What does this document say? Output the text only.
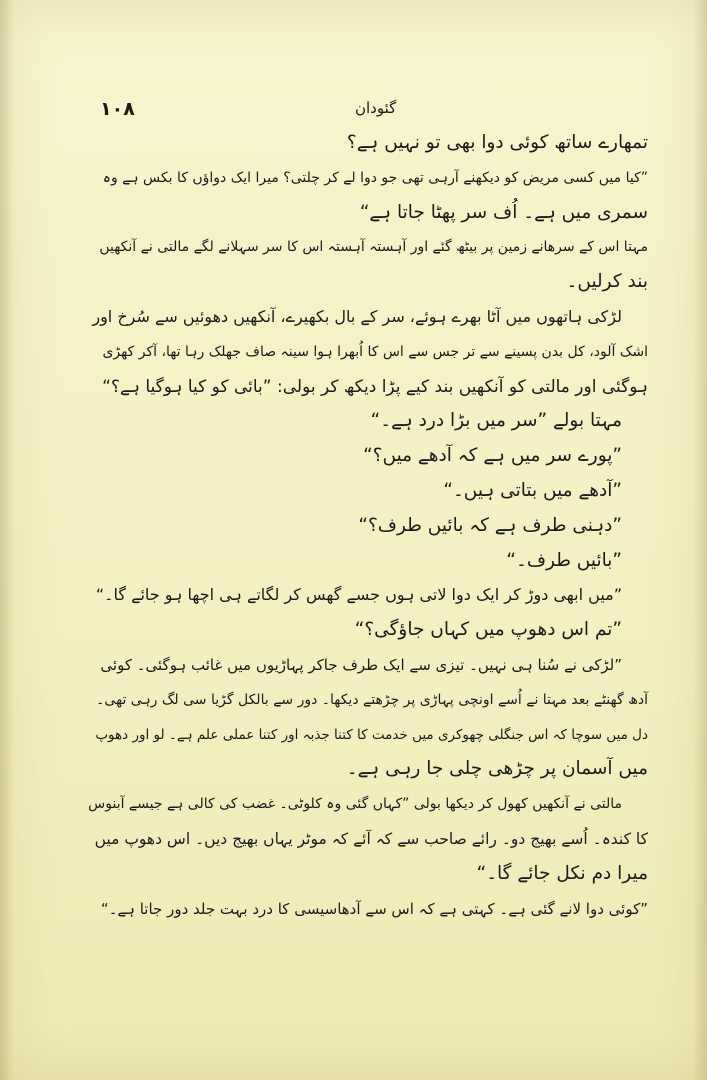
۱۰۸	گئودان
تمھارے ساتھ کوئی دوا بھی تو نہیں ہے؟
”کیا میں کسی مریض کو دیکھنے آرہی تھی جو دوا لے کر چلتی؟ میرا ایک دواؤں کا بکس ہے وہ
سمری میں ہے۔ اُف سر پھٹا جاتا ہے“
مہتا اس کے سرھانے زمین پر بیٹھ گئے اور آہستہ آہستہ اس کا سر سہلانے لگے مالتی نے آنکھیں
بند کرلیں۔
لڑکی ہاتھوں میں آٹا بھرے ہوئے، سر کے بال بکھیرے، آنکھیں دھوئیں سے سُرخ اور
اشک آلود، کل بدن پسینے سے تر جس سے اس کا اُبھرا ہوا سینہ صاف جھلک رہا تھا، آکر کھڑی
ہوگئی اور مالتی کو آنکھیں بند کیے پڑا دیکھ کر بولی: ”بائی کو کیا ہوگیا ہے؟“
مہتا بولے ”سر میں بڑا درد ہے۔“
”پورے سر میں ہے کہ آدھے میں؟“
”آدھے میں بتاتی ہیں۔“
”دہنی طرف ہے کہ بائیں طرف؟“
”بائیں طرف۔“
”میں ابھی دوڑ کر ایک دوا لاتی ہوں جسے گھس کر لگاتے ہی اچھا ہو جائے گا۔“
”تم اس دھوپ میں کہاں جاؤگی؟“
”لڑکی نے سُنا ہی نہیں۔ تیزی سے ایک طرف جاکر پہاڑیوں میں غائب ہوگئی۔ کوئی
آدھ گھنٹے بعد مہتا نے اُسے اونچی پہاڑی پر چڑھتے دیکھا۔ دور سے بالکل گڑیا سی لگ رہی تھی۔
دل میں سوچا کہ اس جنگلی چھوکری میں خدمت کا کتنا جذبہ اور کتنا عملی علم ہے۔ لو اور دھوپ
میں آسمان پر چڑھی چلی جا رہی ہے۔
مالتی نے آنکھیں کھول کر دیکھا بولی ”کہاں گئی وہ کلوٹی۔ غضب کی کالی ہے جیسے آبنوس
کا کندہ۔ اُسے بھیج دو۔ رائے صاحب سے کہ آئے کہ موٹر یہاں بھیج دیں۔ اس دھوپ میں
میرا دم نکل جائے گا۔“
”کوئی دوا لانے گئی ہے۔ کہتی ہے کہ اس سے آدھاسیسی کا درد بہت جلد دور جاتا ہے۔“
